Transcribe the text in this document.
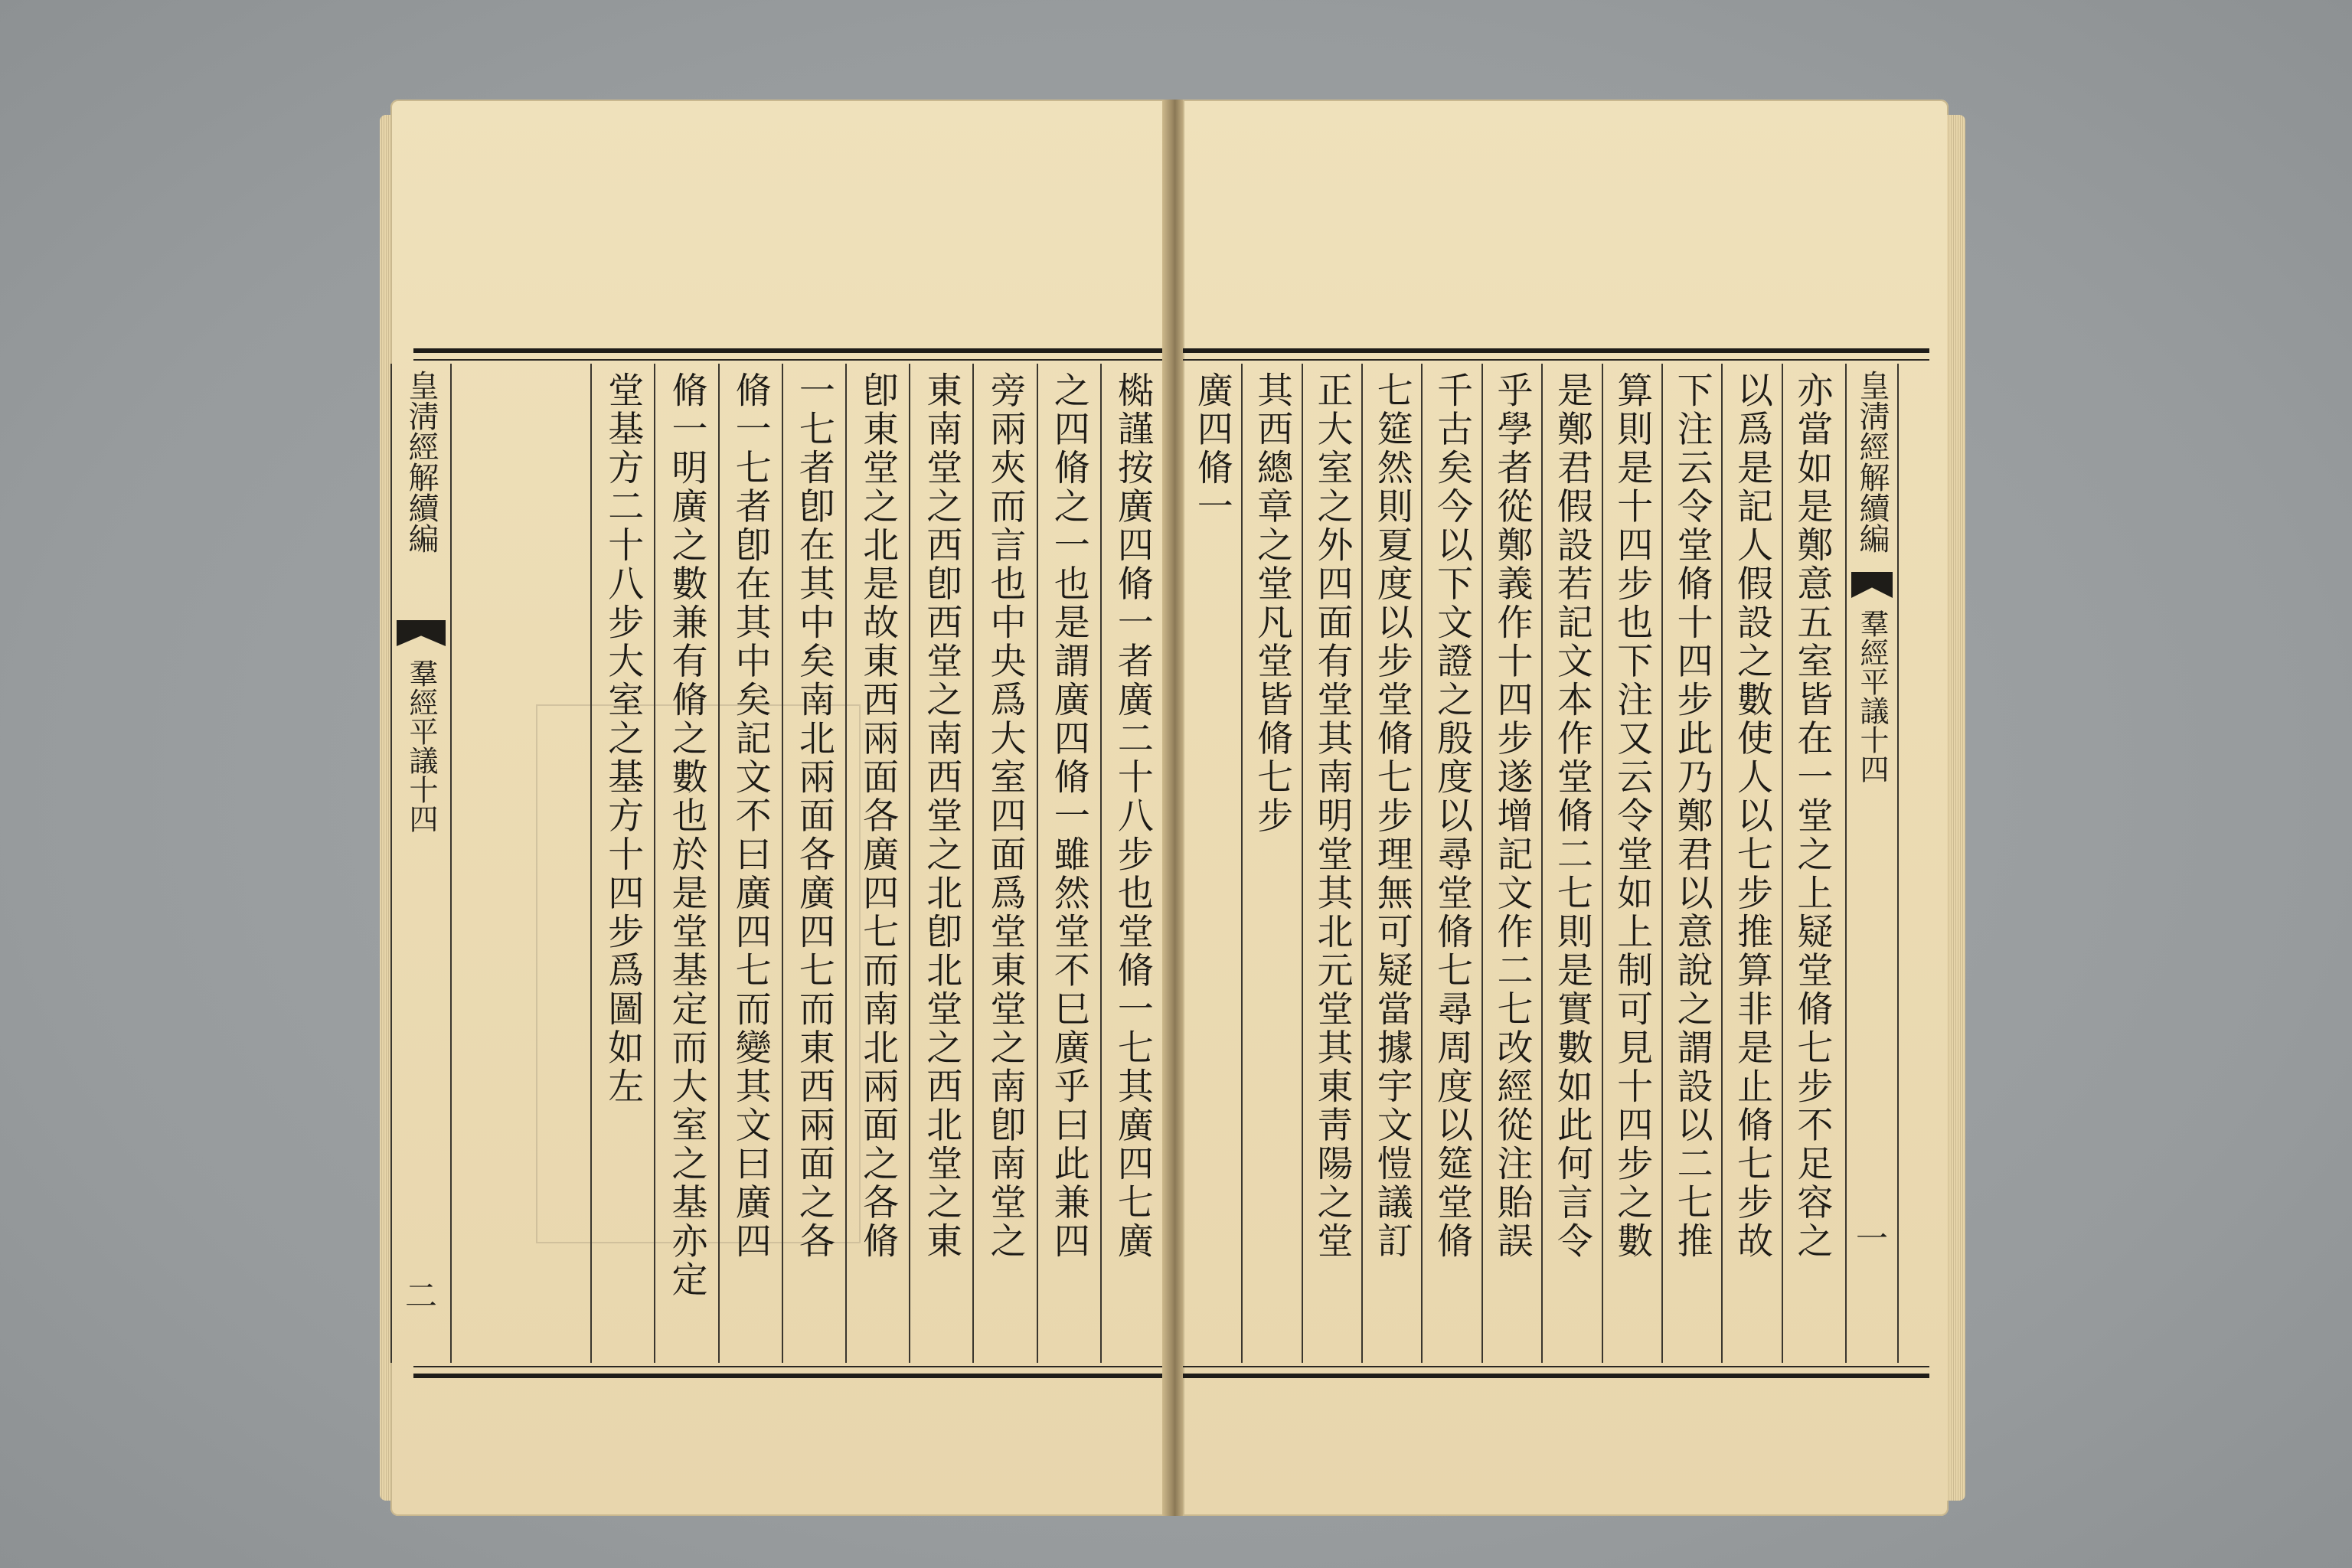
皇淸經解續編
羣經平議十四
二
檆謹按廣四脩一者廣二十八步也堂脩一七其廣四七廣
之四脩之一也是謂廣四脩一雖然堂不巳廣乎曰此兼四
旁兩夾而言也中央爲大室四面爲堂東堂之南卽南堂之
東南堂之西卽西堂之南西堂之北卽北堂之西北堂之東
卽東堂之北是故東西兩面各廣四七而南北兩面之各脩
一七者卽在其中矣南北兩面各廣四七而東西兩面之各
脩一七者卽在其中矣記文不曰廣四七而變其文曰廣四
脩一明廣之數兼有脩之數也於是堂基定而大室之基亦定
堂基方二十八步大室之基方十四步爲圖如左	皇淸經解續編
羣經平議十四
一
亦當如是鄭意五室皆在一堂之上疑堂脩七步不足容之
以爲是記人假設之數使人以七步推算非是止脩七步故
下注云令堂脩十四步此乃鄭君以意說之謂設以二七推
算則是十四步也下注又云令堂如上制可見十四步之數
是鄭君假設若記文本作堂脩二七則是實數如此何言令
乎學者從鄭義作十四步遂增記文作二七改經從注貽誤
千古矣今以下文證之殷度以尋堂脩七尋周度以筵堂脩
七筵然則夏度以步堂脩七步理無可疑當據宇文愷議訂
正大室之外四面有堂其南明堂其北元堂其東靑陽之堂
其西總章之堂凡堂皆脩七步
廣四脩一
